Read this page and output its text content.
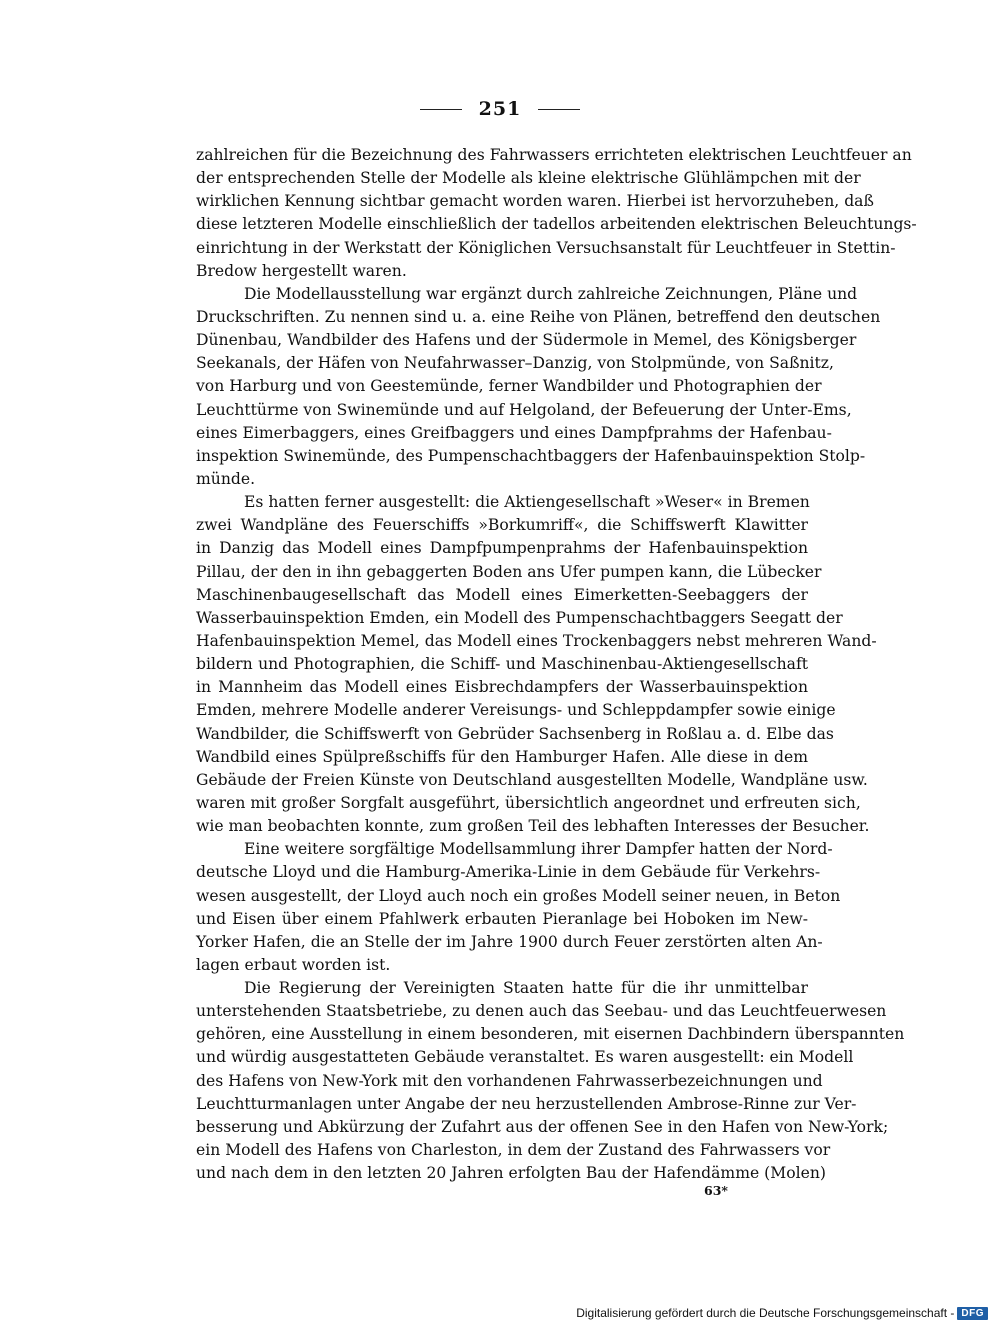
251

zahlreichen für die Bezeichnung des Fahrwassers errichteten elektrischen Leuchtfeuer an
der entsprechenden Stelle der Modelle als kleine elektrische Glühlämpchen mit der
wirklichen Kennung sichtbar gemacht worden waren. Hierbei ist hervorzuheben, daß
diese letzteren Modelle einschließlich der tadellos arbeitenden elektrischen Beleuchtungs-
einrichtung in der Werkstatt der Königlichen Versuchsanstalt für Leuchtfeuer in Stettin-
Bredow hergestellt waren.

Die Modellausstellung war ergänzt durch zahlreiche Zeichnungen, Pläne und
Druckschriften. Zu nennen sind u. a. eine Reihe von Plänen, betreffend den deutschen
Dünenbau, Wandbilder des Hafens und der Südermole in Memel, des Königsberger
Seekanals, der Häfen von Neufahrwasser–Danzig, von Stolpmünde, von Saßnitz,
von Harburg und von Geestemünde, ferner Wandbilder und Photographien der
Leuchttürme von Swinemünde und auf Helgoland, der Befeuerung der Unter-Ems,
eines Eimerbaggers, eines Greifbaggers und eines Dampfprahms der Hafenbau-
inspektion Swinemünde, des Pumpenschachtbaggers der Hafenbauinspektion Stolp-
münde.

Es hatten ferner ausgestellt: die Aktiengesellschaft »Weser« in Bremen
zwei Wandpläne des Feuerschiffs »Borkumriff«, die Schiffswerft Klawitter
in Danzig das Modell eines Dampfpumpenprahms der Hafenbauinspektion
Pillau, der den in ihn gebaggerten Boden ans Ufer pumpen kann, die Lübecker
Maschinenbaugesellschaft das Modell eines Eimerketten-Seebaggers der
Wasserbauinspektion Emden, ein Modell des Pumpenschachtbaggers Seegatt der
Hafenbauinspektion Memel, das Modell eines Trockenbaggers nebst mehreren Wand-
bildern und Photographien, die Schiff- und Maschinenbau-Aktiengesellschaft
in Mannheim das Modell eines Eisbrechdampfers der Wasserbauinspektion
Emden, mehrere Modelle anderer Vereisungs- und Schleppdampfer sowie einige
Wandbilder, die Schiffswerft von Gebrüder Sachsenberg in Roßlau a. d. Elbe das
Wandbild eines Spülpreßschiffs für den Hamburger Hafen. Alle diese in dem
Gebäude der Freien Künste von Deutschland ausgestellten Modelle, Wandpläne usw.
waren mit großer Sorgfalt ausgeführt, übersichtlich angeordnet und erfreuten sich,
wie man beobachten konnte, zum großen Teil des lebhaften Interesses der Besucher.

Eine weitere sorgfältige Modellsammlung ihrer Dampfer hatten der Nord-
deutsche Lloyd und die Hamburg-Amerika-Linie in dem Gebäude für Verkehrs-
wesen ausgestellt, der Lloyd auch noch ein großes Modell seiner neuen, in Beton
und Eisen über einem Pfahlwerk erbauten Pieranlage bei Hoboken im New-
Yorker Hafen, die an Stelle der im Jahre 1900 durch Feuer zerstörten alten An-
lagen erbaut worden ist.

Die Regierung der Vereinigten Staaten hatte für die ihr unmittelbar
unterstehenden Staatsbetriebe, zu denen auch das Seebau- und das Leuchtfeuerwesen
gehören, eine Ausstellung in einem besonderen, mit eisernen Dachbindern überspannten
und würdig ausgestatteten Gebäude veranstaltet. Es waren ausgestellt: ein Modell
des Hafens von New-York mit den vorhandenen Fahrwasserbezeichnungen und
Leuchtturmanlagen unter Angabe der neu herzustellenden Ambrose-Rinne zur Ver-
besserung und Abkürzung der Zufahrt aus der offenen See in den Hafen von New-York;
ein Modell des Hafens von Charleston, in dem der Zustand des Fahrwassers vor
und nach dem in den letzten 20 Jahren erfolgten Bau der Hafendämme (Molen)

63*
Digitalisierung gefördert durch die Deutsche Forschungsgemeinschaft - DFG
